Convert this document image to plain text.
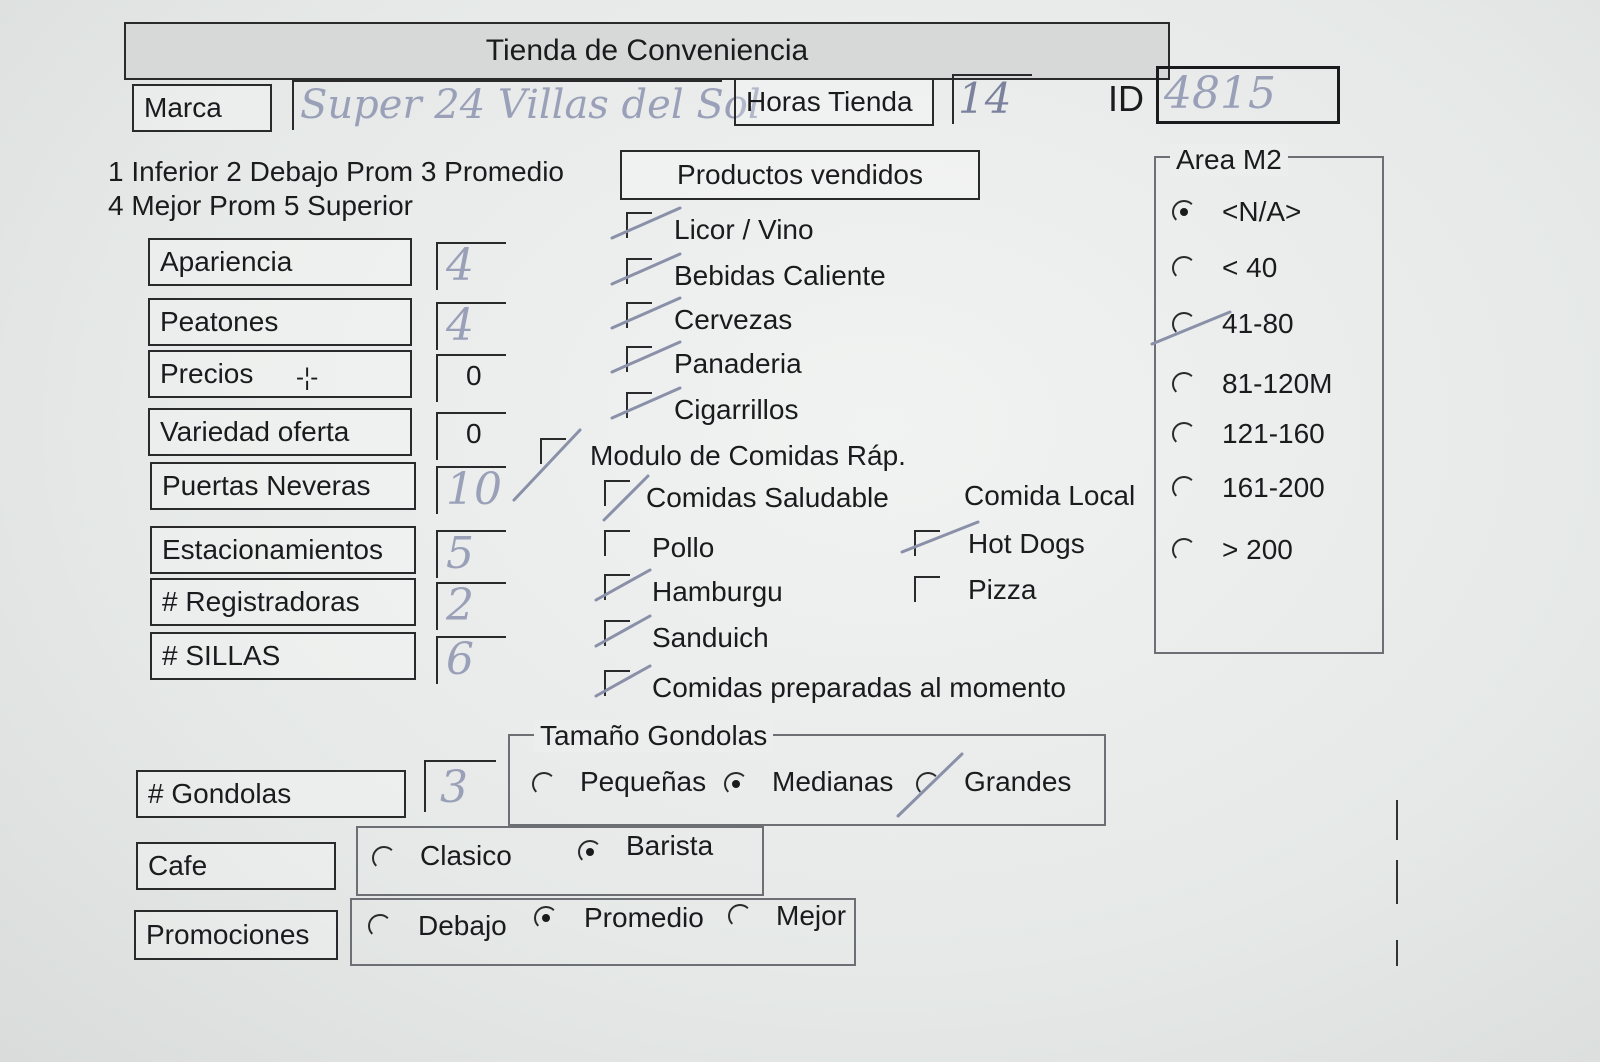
Tienda de Conveniencia
Marca Super 24 Villas del Sol
Horas Tienda 14	ID 4815
1 Inferior 2 Debajo Prom 3 Promedio
4 Mejor Prom 5 Superior
Apariencia	4
Peatones	4
Precios	0
Variedad oferta	0
Puertas Neveras 10
Estacionamientos 5
# Registradoras 2
# SILLAS	6
-¦-
Productos vendidos
Licor / Vino
Bebidas Caliente
Cervezas
Panaderia
Cigarrillos
Modulo de Comidas Ráp.
Comidas Saludable	Comida Local
Pollo
Hamburgu
Sanduich
Comidas preparadas al momento
Hot Dogs
Pizza
Area M2
<N/A>
< 40
41-80
81-120M
121-160
161-200
> 200
# Gondolas	3
Tamaño Gondolas
Pequeñas Medianas	Grandes
Cafe	Clasico	Barista
Promociones	Debajo	Promedio	Mejor
